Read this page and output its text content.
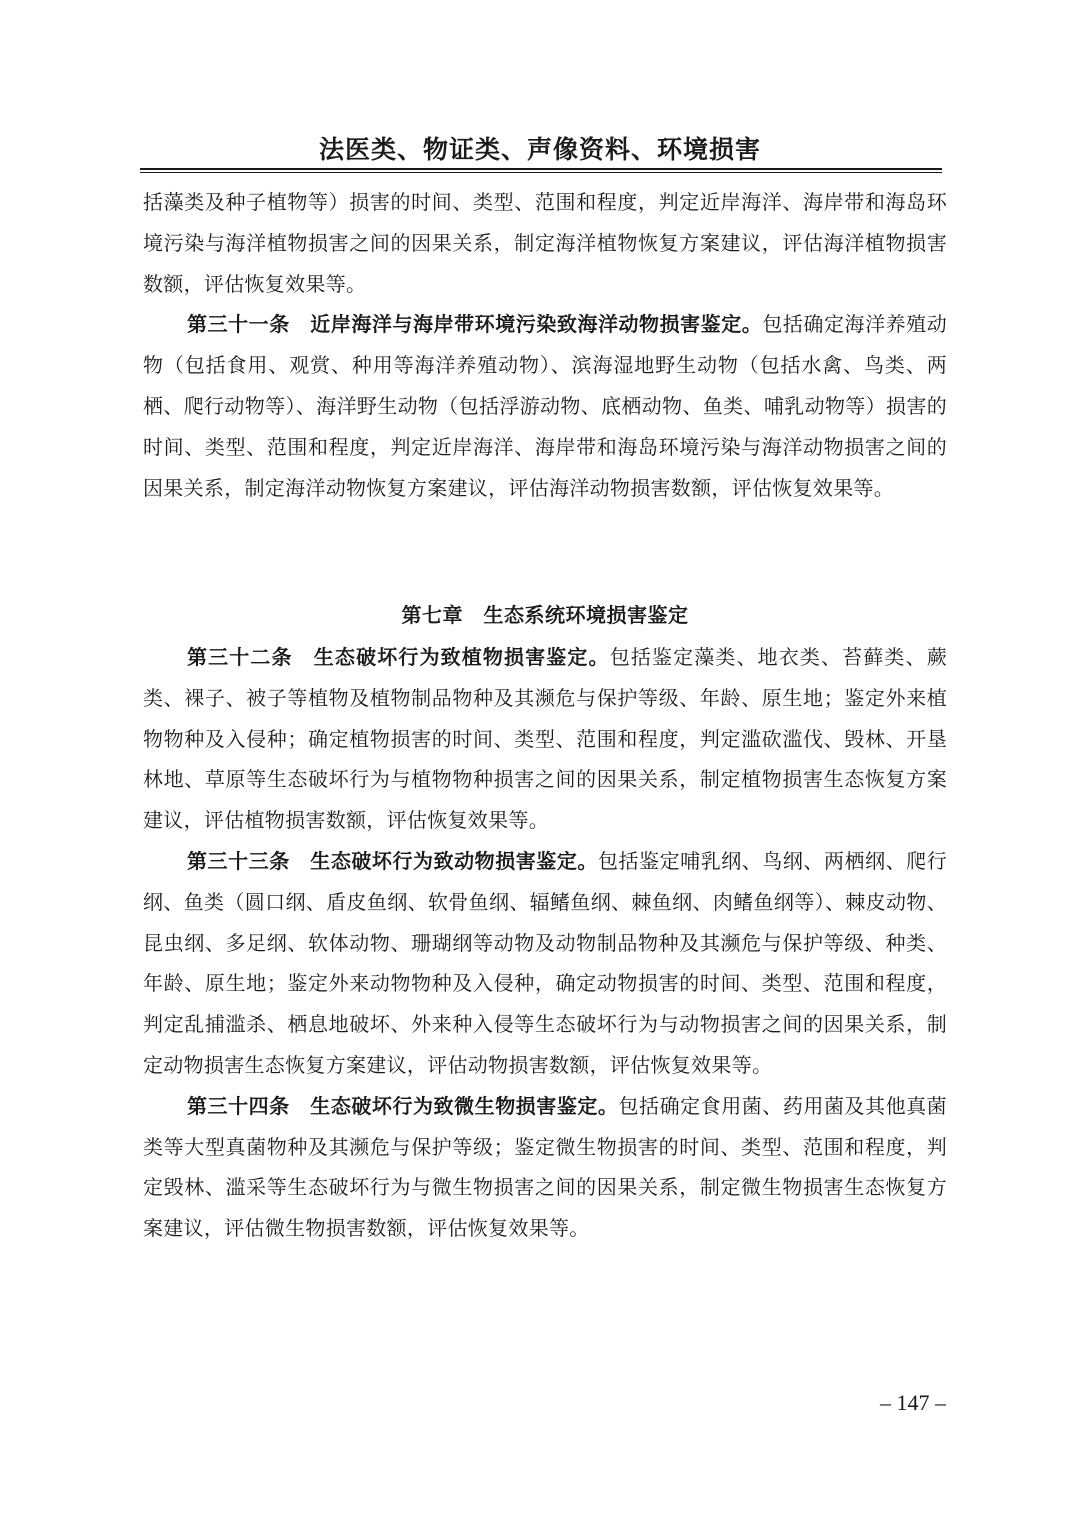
法医类、物证类、声像资料、环境损害

括藻类及种子植物等）损害的时间、类型、范围和程度，判定近岸海洋、海岸带和海岛环境污染与海洋植物损害之间的因果关系，制定海洋植物恢复方案建议，评估海洋植物损害数额，评估恢复效果等。

第三十一条　近岸海洋与海岸带环境污染致海洋动物损害鉴定。包括确定海洋养殖动物（包括食用、观赏、种用等海洋养殖动物）、滨海湿地野生动物（包括水禽、鸟类、两栖、爬行动物等）、海洋野生动物（包括浮游动物、底栖动物、鱼类、哺乳动物等）损害的时间、类型、范围和程度，判定近岸海洋、海岸带和海岛环境污染与海洋动物损害之间的因果关系，制定海洋动物恢复方案建议，评估海洋动物损害数额，评估恢复效果等。

第七章　生态系统环境损害鉴定

第三十二条　生态破坏行为致植物损害鉴定。包括鉴定藻类、地衣类、苔藓类、蕨类、裸子、被子等植物及植物制品物种及其濒危与保护等级、年龄、原生地；鉴定外来植物物种及入侵种；确定植物损害的时间、类型、范围和程度，判定滥砍滥伐、毁林、开垦林地、草原等生态破坏行为与植物物种损害之间的因果关系，制定植物损害生态恢复方案建议，评估植物损害数额，评估恢复效果等。

第三十三条　生态破坏行为致动物损害鉴定。包括鉴定哺乳纲、鸟纲、两栖纲、爬行纲、鱼类（圆口纲、盾皮鱼纲、软骨鱼纲、辐鳍鱼纲、棘鱼纲、肉鳍鱼纲等）、棘皮动物、昆虫纲、多足纲、软体动物、珊瑚纲等动物及动物制品物种及其濒危与保护等级、种类、年龄、原生地；鉴定外来动物物种及入侵种，确定动物损害的时间、类型、范围和程度，判定乱捕滥杀、栖息地破坏、外来种入侵等生态破坏行为与动物损害之间的因果关系，制定动物损害生态恢复方案建议，评估动物损害数额，评估恢复效果等。

第三十四条　生态破坏行为致微生物损害鉴定。包括确定食用菌、药用菌及其他真菌类等大型真菌物种及其濒危与保护等级；鉴定微生物损害的时间、类型、范围和程度，判定毁林、滥采等生态破坏行为与微生物损害之间的因果关系，制定微生物损害生态恢复方案建议，评估微生物损害数额，评估恢复效果等。

– 147 –
